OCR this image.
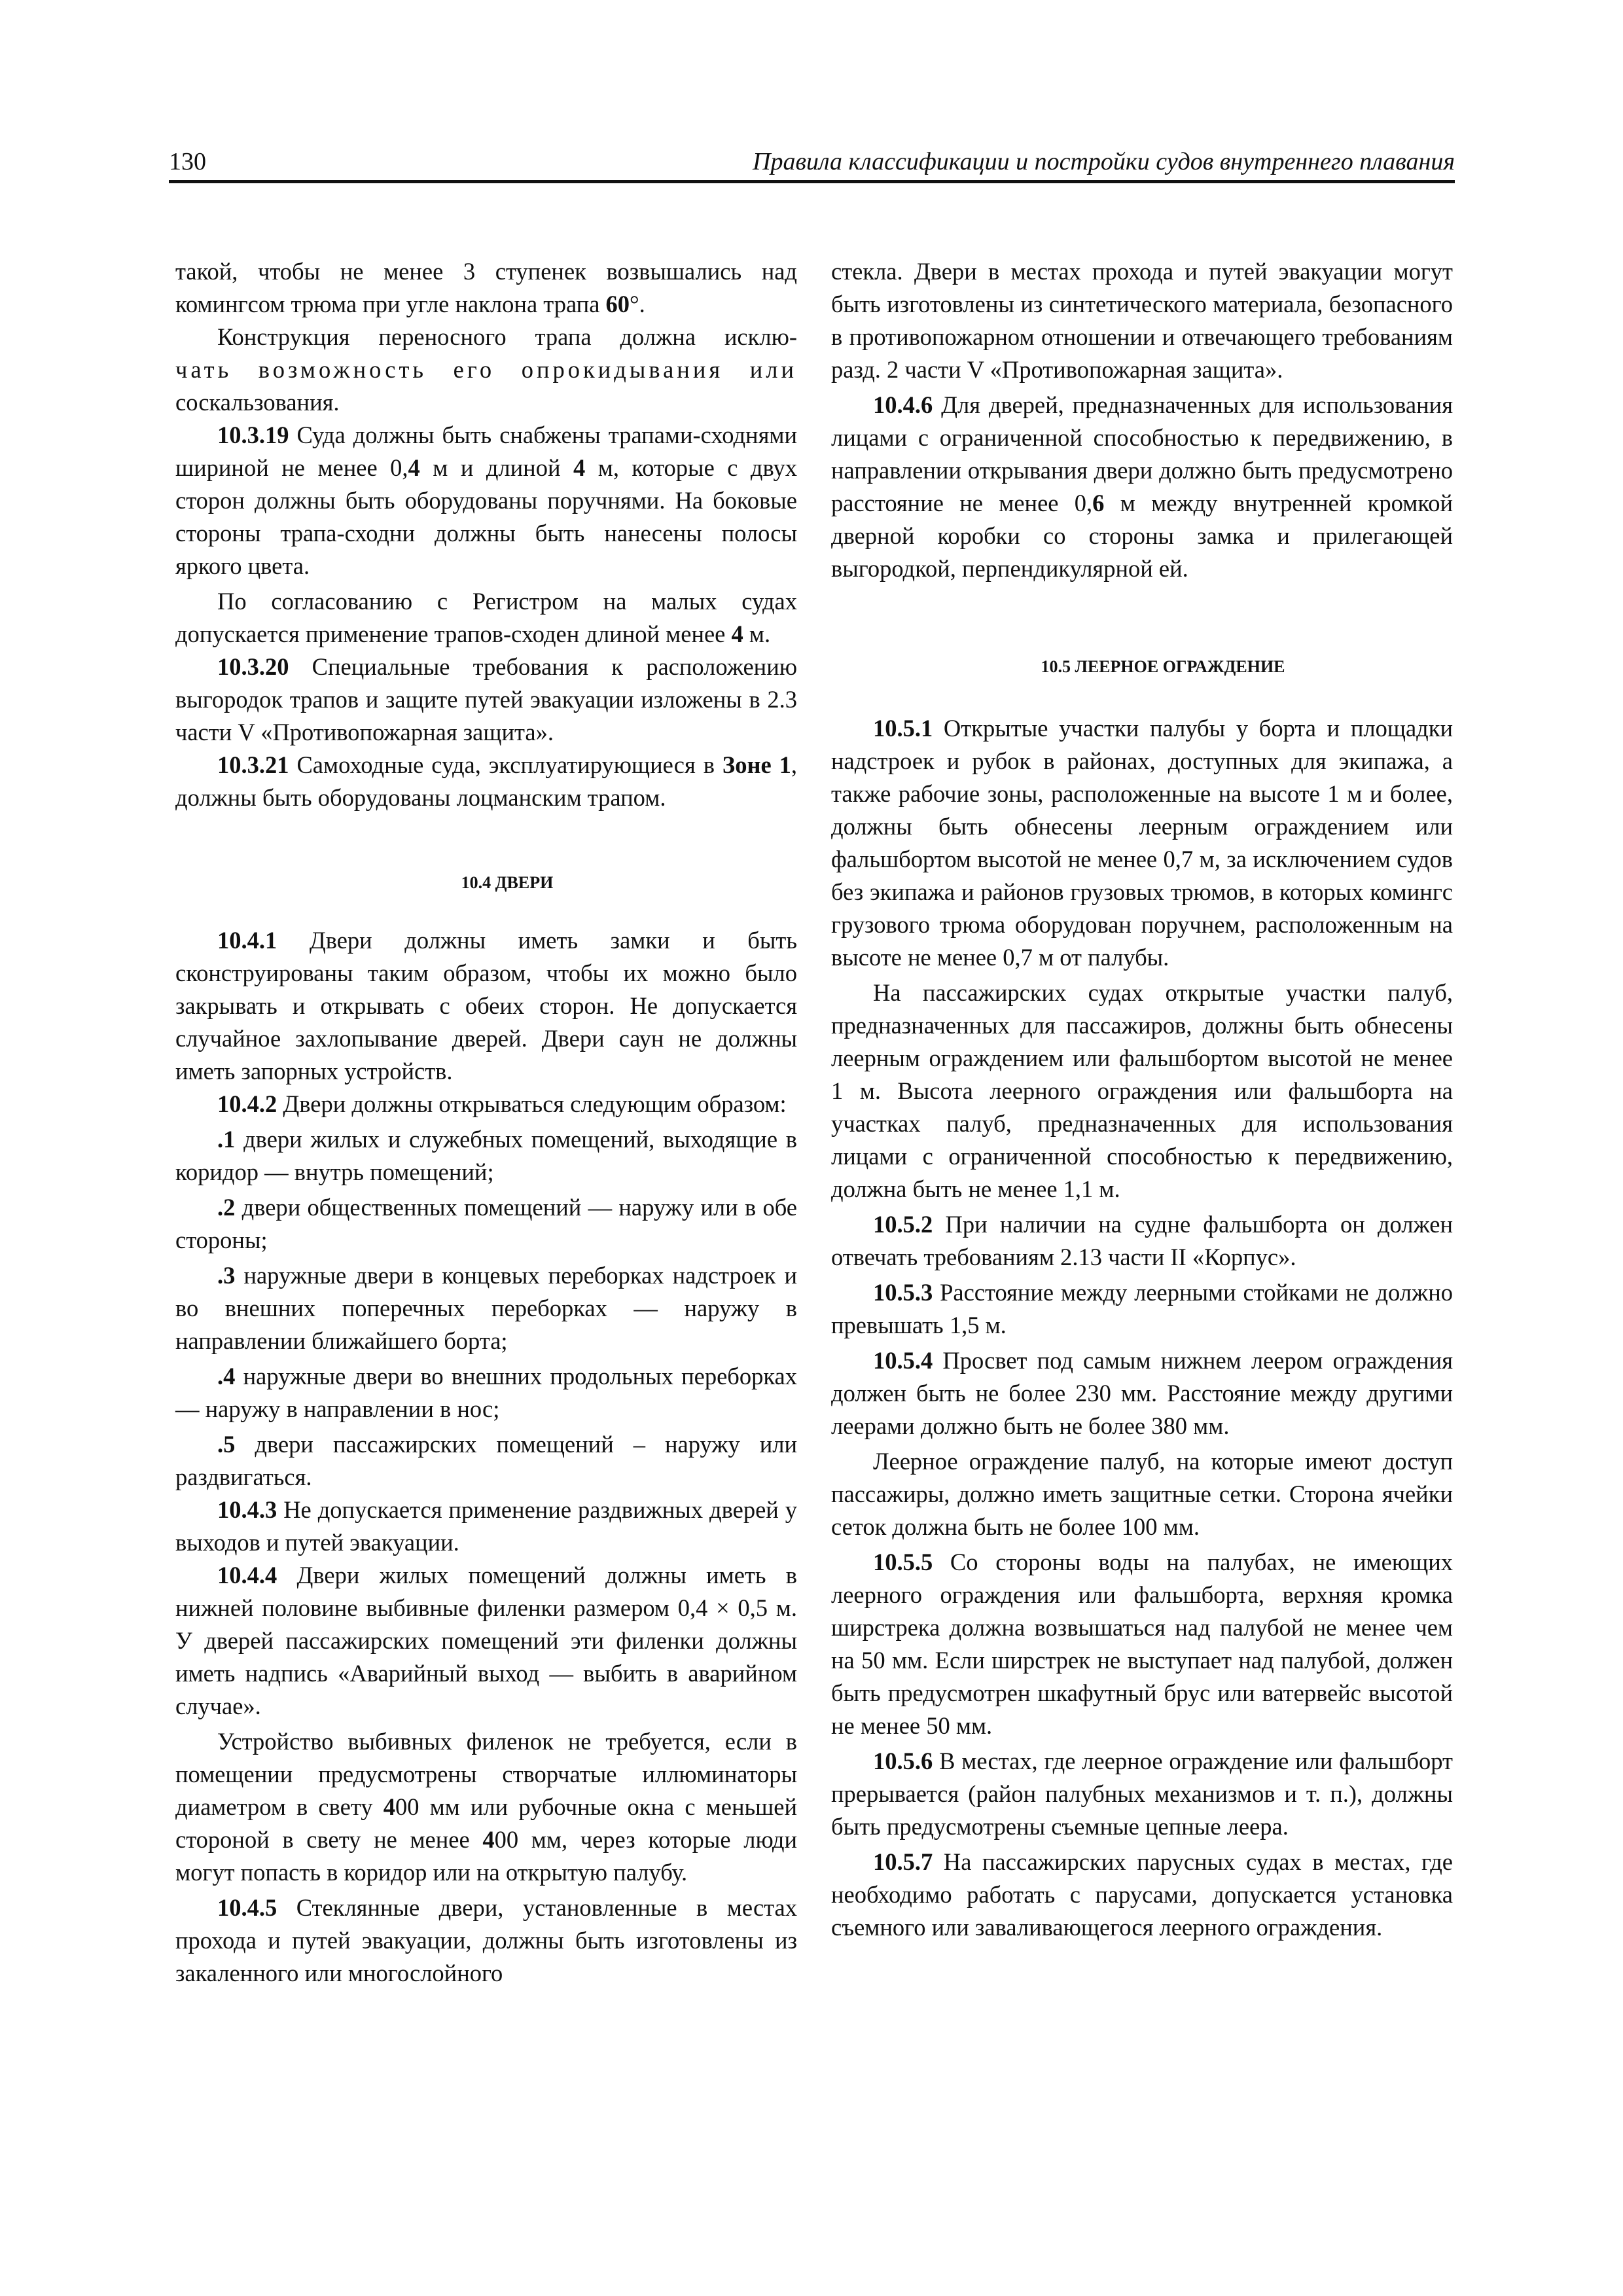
130	Правила классификации и постройки судов внутреннего плавания

такой, чтобы не менее 3 ступенек возвышались над комингсом трюма при угле наклона трапа 60°.

Конструкция переносного трапа должна исклю-

чать возможность его опрокидывания или

соскальзования.

10.3.19 Суда должны быть снабжены трапами-сходнями шириной не менее 0,4 м и длиной 4 м, которые с двух сторон должны быть оборудованы поручнями. На боковые стороны трапа-сходни должны быть нанесены полосы яркого цвета.

По согласованию с Регистром на малых судах допускается применение трапов-сходен длиной менее 4 м.

10.3.20 Специальные требования к расположению выгородок трапов и защите путей эвакуации изложены в 2.3 части V «Противопожарная защита».

10.3.21 Самоходные суда, эксплуатирующиеся в Зоне 1, должны быть оборудованы лоцманским трапом.

10.4 ДВЕРИ

10.4.1 Двери должны иметь замки и быть сконструированы таким образом, чтобы их можно было закрывать и открывать с обеих сторон. Не допускается случайное захлопывание дверей. Двери саун не должны иметь запорных устройств.

10.4.2 Двери должны открываться следующим образом:

.1 двери жилых и служебных помещений, выходящие в коридор — внутрь помещений;

.2 двери общественных помещений — наружу или в обе стороны;

.3 наружные двери в концевых переборках надстроек и во внешних поперечных переборках — наружу в направлении ближайшего борта;

.4 наружные двери во внешних продольных переборках — наружу в направлении в нос;

.5 двери пассажирских помещений – наружу или раздвигаться.

10.4.3 Не допускается применение раздвижных дверей у выходов и путей эвакуации.

10.4.4 Двери жилых помещений должны иметь в нижней половине выбивные филенки размером 0,4 × 0,5 м. У дверей пассажирских помещений эти филенки должны иметь надпись «Аварийный выход — выбить в аварийном случае».

Устройство выбивных филенок не требуется, если в помещении предусмотрены створчатые иллюминаторы диаметром в свету 400 мм или рубочные окна с меньшей стороной в свету не менее 400 мм, через которые люди могут попасть в коридор или на открытую палубу.

10.4.5 Стеклянные двери, установленные в местах прохода и путей эвакуации, должны быть изготовлены из закаленного или многослойного

стекла. Двери в местах прохода и путей эвакуации могут быть изготовлены из синтетического материала, безопасного в противопожарном отношении и отвечающего требованиям разд. 2 части V «Противопожарная защита».

10.4.6 Для дверей, предназначенных для использования лицами с ограниченной способностью к передвижению, в направлении открывания двери должно быть предусмотрено расстояние не менее 0,6 м между внутренней кромкой дверной коробки со стороны замка и прилегающей выгородкой, перпендикулярной ей.

10.5 ЛЕЕРНОЕ ОГРАЖДЕНИЕ

10.5.1 Открытые участки палубы у борта и площадки надстроек и рубок в районах, доступных для экипажа, а также рабочие зоны, расположенные на высоте 1 м и более, должны быть обнесены леерным ограждением или фальшбортом высотой не менее 0,7 м, за исключением судов без экипажа и районов грузовых трюмов, в которых комингс грузового трюма оборудован поручнем, расположенным на высоте не менее 0,7 м от палубы.

На пассажирских судах открытые участки палуб, предназначенных для пассажиров, должны быть обнесены леерным ограждением или фальшбортом высотой не менее 1 м. Высота леерного ограждения или фальшборта на участках палуб, предназначенных для использования лицами с ограниченной способностью к передвижению, должна быть не менее 1,1 м.

10.5.2 При наличии на судне фальшборта он должен отвечать требованиям 2.13 части II «Корпус».

10.5.3 Расстояние между леерными стойками не должно превышать 1,5 м.

10.5.4 Просвет под самым нижнем леером ограждения должен быть не более 230 мм. Расстояние между другими леерами должно быть не более 380 мм.

Леерное ограждение палуб, на которые имеют доступ пассажиры, должно иметь защитные сетки. Сторона ячейки сеток должна быть не более 100 мм.

10.5.5 Со стороны воды на палубах, не имеющих леерного ограждения или фальшборта, верхняя кромка ширстрека должна возвышаться над палубой не менее чем на 50 мм. Если ширстрек не выступает над палубой, должен быть предусмотрен шкафутный брус или ватервейс высотой не менее 50 мм.

10.5.6 В местах, где леерное ограждение или фальшборт прерывается (район палубных механизмов и т. п.), должны быть предусмотрены съемные цепные леера.

10.5.7 На пассажирских парусных судах в местах, где необходимо работать с парусами, допускается установка съемного или заваливающегося леерного ограждения.
